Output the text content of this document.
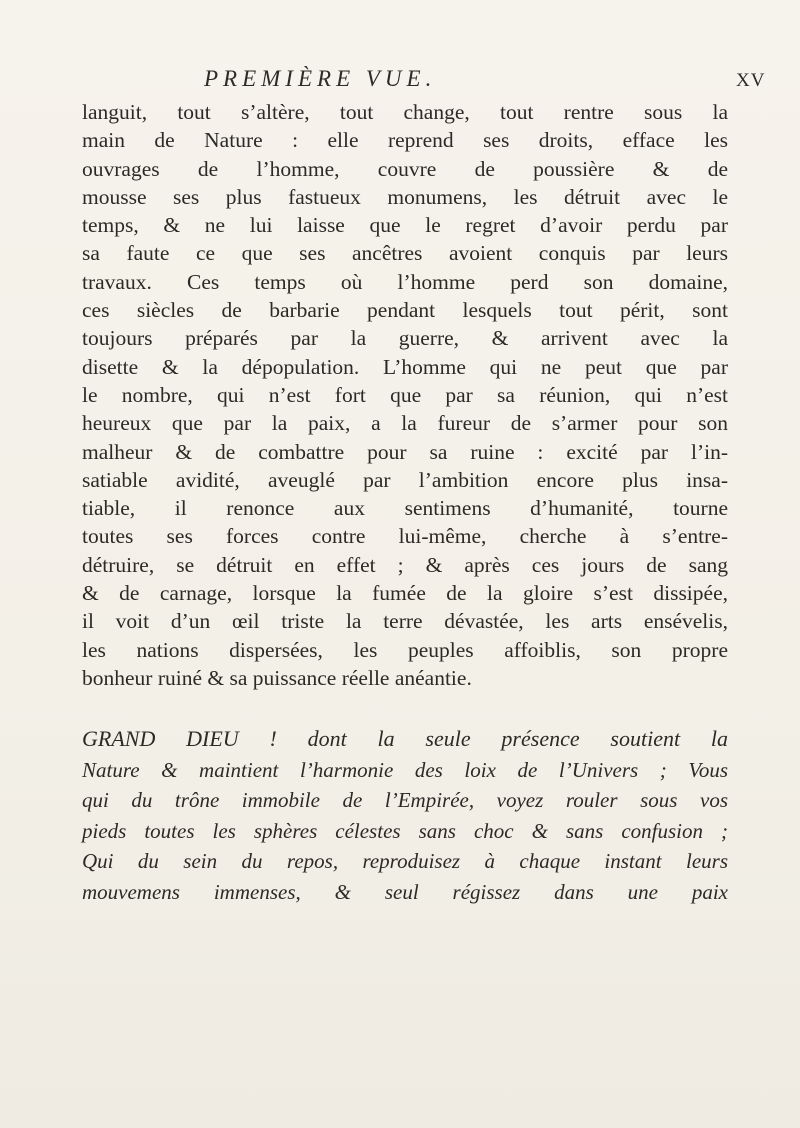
PREMIÈRE VUE.	XV
languit, tout s’altère, tout change, tout rentre sous la
main de Nature : elle reprend ses droits, efface les
ouvrages de l’homme, couvre de poussière & de
mousse ses plus fastueux monumens, les détruit avec le
temps, & ne lui laisse que le regret d’avoir perdu par
sa faute ce que ses ancêtres avoient conquis par leurs
travaux. Ces temps où l’homme perd son domaine,
ces siècles de barbarie pendant lesquels tout périt, sont
toujours préparés par la guerre, & arrivent avec la
disette & la dépopulation. L’homme qui ne peut que par
le nombre, qui n’est fort que par sa réunion, qui n’est
heureux que par la paix, a la fureur de s’armer pour son
malheur & de combattre pour sa ruine : excité par l’in-
satiable avidité, aveuglé par l’ambition encore plus insa-
tiable, il renonce aux sentimens d’humanité, tourne
toutes ses forces contre lui-même, cherche à s’entre-
détruire, se détruit en effet ; & après ces jours de sang
& de carnage, lorsque la fumée de la gloire s’est dissipée,
il voit d’un œil triste la terre dévastée, les arts ensévelis,
les nations dispersées, les peuples affoiblis, son propre
bonheur ruiné & sa puissance réelle anéantie.
GRAND DIEU ! dont la seule présence soutient la
Nature & maintient l’harmonie des loix de l’Univers ; Vous
qui du trône immobile de l’Empirée, voyez rouler sous vos
pieds toutes les sphères célestes sans choc & sans confusion ;
Qui du sein du repos, reproduisez à chaque instant leurs
mouvemens immenses, & seul régissez dans une paix
